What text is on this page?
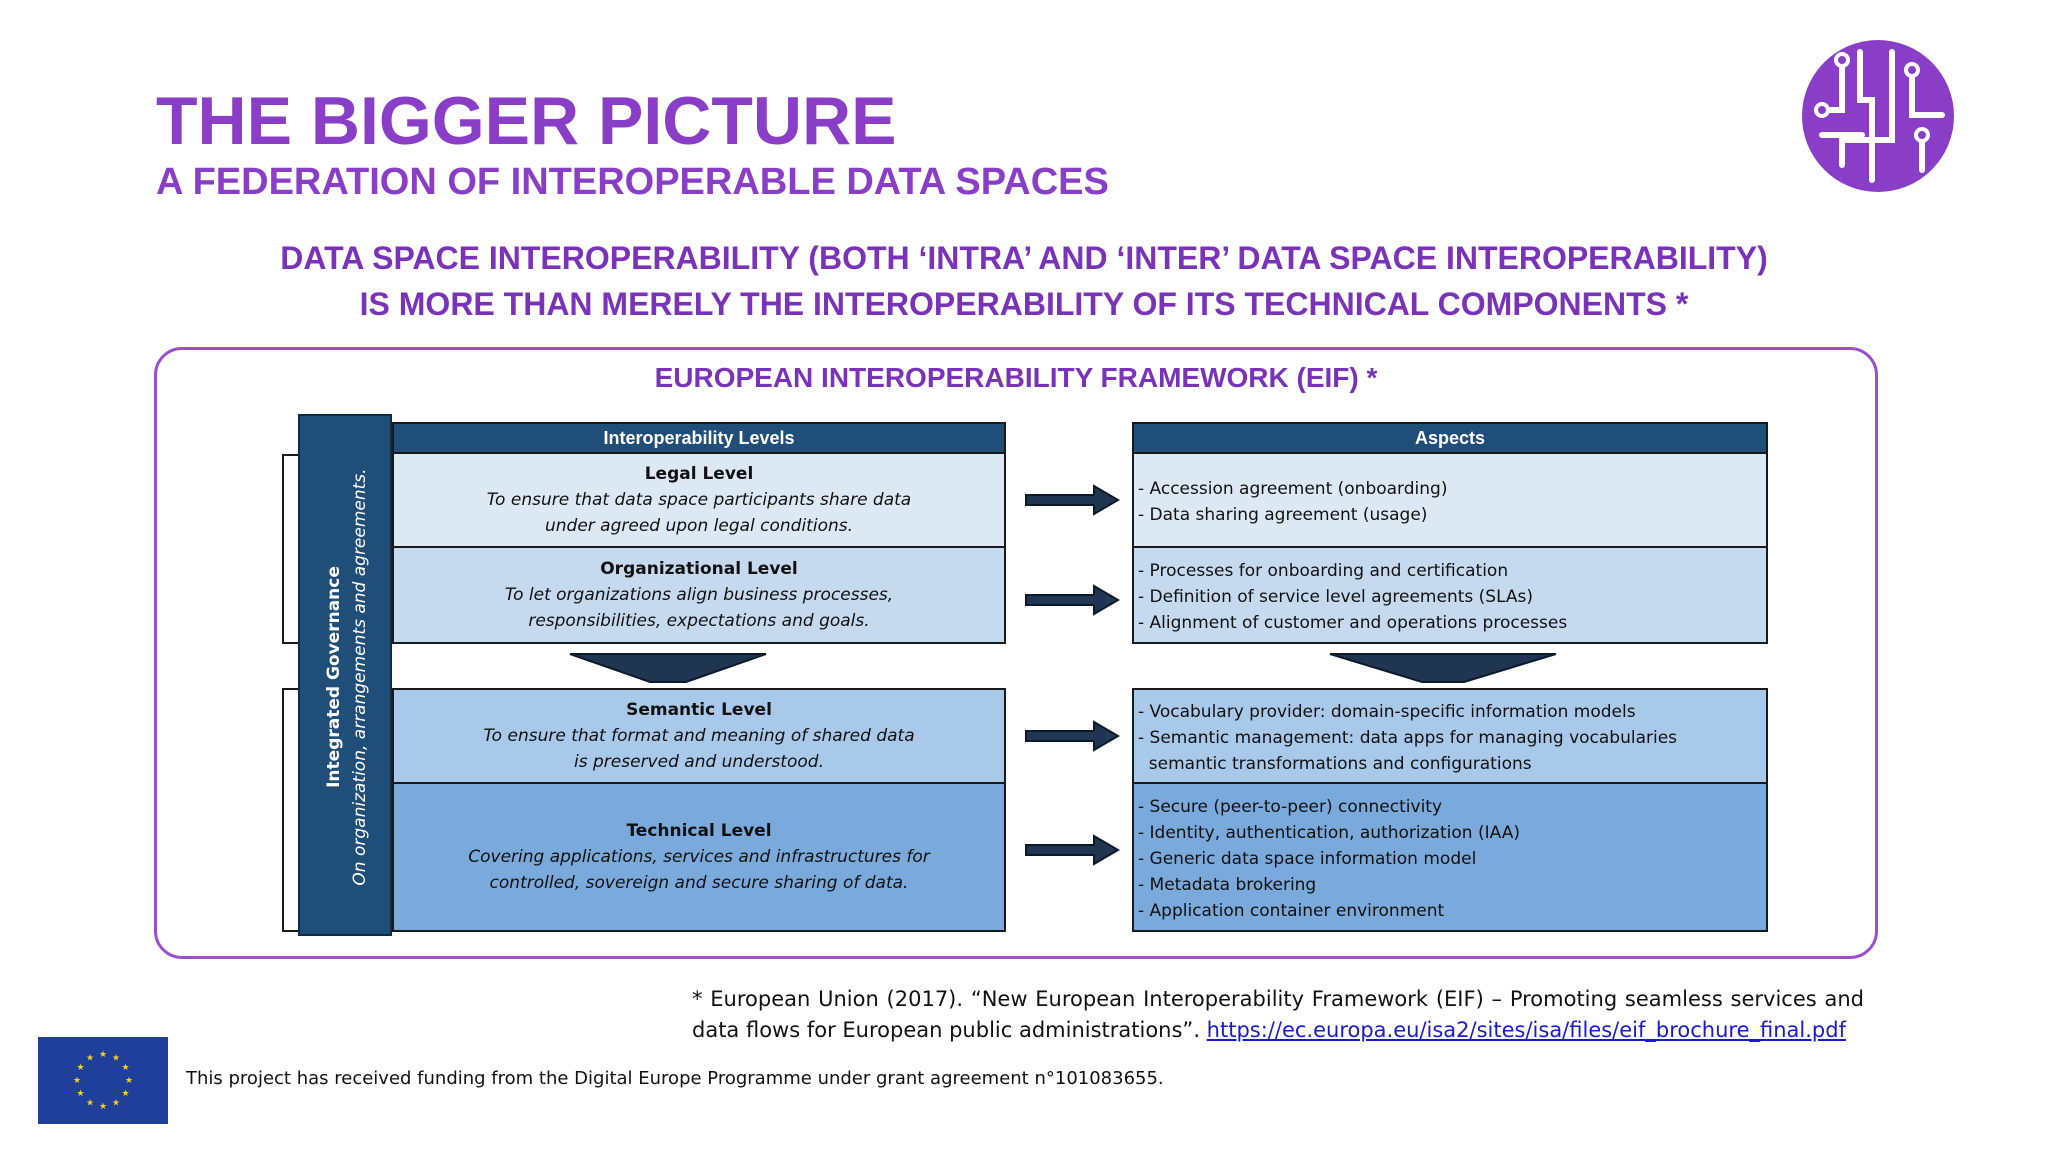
THE BIGGER PICTURE
A FEDERATION OF INTEROPERABLE DATA SPACES
DATA SPACE INTEROPERABILITY (BOTH ‘INTRA’ AND ‘INTER’ DATA SPACE INTEROPERABILITY)
IS MORE THAN MERELY THE INTEROPERABILITY OF ITS TECHNICAL COMPONENTS *
EUROPEAN INTEROPERABILITY FRAMEWORK (EIF) *
Integrated Governance On organization, arrangements and agreements.
Interoperability Levels	Aspects
Legal Level
To ensure that data space participants share data
under agreed upon legal conditions.
Organizational Level
To let organizations align business processes,
responsibilities, expectations and goals.
Semantic Level
To ensure that format and meaning of shared data
is preserved and understood.
Technical Level
Covering applications, services and infrastructures for
controlled, sovereign and secure sharing of data.
- Accession agreement (onboarding)
- Data sharing agreement (usage)
- Processes for onboarding and certification
- Definition of service level agreements (SLAs)
- Alignment of customer and operations processes
- Vocabulary provider: domain-specific information models
- Semantic management: data apps for managing vocabularies
semantic transformations and configurations
- Secure (peer-to-peer) connectivity
- Identity, authentication, authorization (IAA)
- Generic data space information model
- Metadata brokering
- Application container environment
* European Union (2017). “New European Interoperability Framework (EIF) – Promoting seamless services and data flows for European public administrations”. https://ec.europa.eu/isa2/sites/isa/files/eif_brochure_final.pdf
★ ★
★
★
★
★
★
★
★
★
★
★
This project has received funding from the Digital Europe Programme under grant agreement n°101083655.
